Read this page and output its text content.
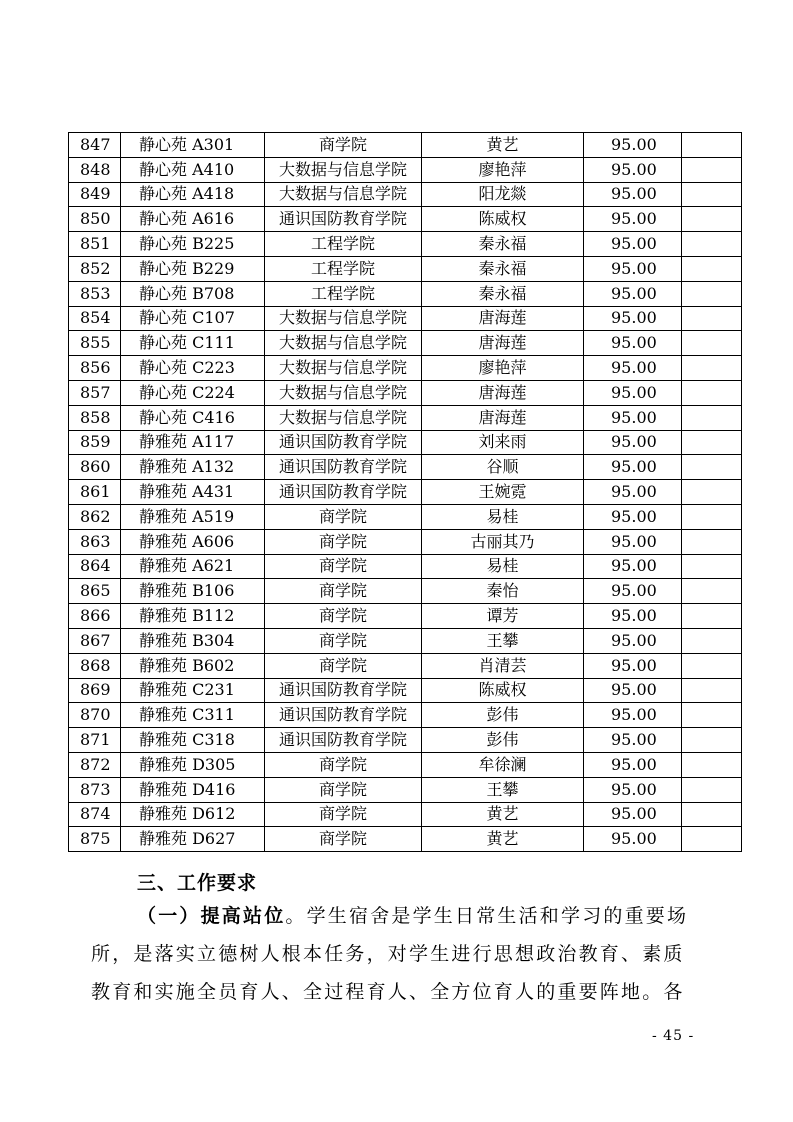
847	静心苑 A301	商学院	黄艺	95.00	
848	静心苑 A410	大数据与信息学院	廖艳萍	95.00	
849	静心苑 A418	大数据与信息学院	阳龙燚	95.00	
850	静心苑 A616	通识国防教育学院	陈威权	95.00	
851	静心苑 B225	工程学院	秦永福	95.00	
852	静心苑 B229	工程学院	秦永福	95.00	
853	静心苑 B708	工程学院	秦永福	95.00	
854	静心苑 C107	大数据与信息学院	唐海莲	95.00	
855	静心苑 C111	大数据与信息学院	唐海莲	95.00	
856	静心苑 C223	大数据与信息学院	廖艳萍	95.00	
857	静心苑 C224	大数据与信息学院	唐海莲	95.00	
858	静心苑 C416	大数据与信息学院	唐海莲	95.00	
859	静雅苑 A117	通识国防教育学院	刘来雨	95.00	
860	静雅苑 A132	通识国防教育学院	谷顺	95.00	
861	静雅苑 A431	通识国防教育学院	王婉霓	95.00	
862	静雅苑 A519	商学院	易桂	95.00	
863	静雅苑 A606	商学院	古丽其乃	95.00	
864	静雅苑 A621	商学院	易桂	95.00	
865	静雅苑 B106	商学院	秦怡	95.00	
866	静雅苑 B112	商学院	谭芳	95.00	
867	静雅苑 B304	商学院	王攀	95.00	
868	静雅苑 B602	商学院	肖清芸	95.00	
869	静雅苑 C231	通识国防教育学院	陈威权	95.00	
870	静雅苑 C311	通识国防教育学院	彭伟	95.00	
871	静雅苑 C318	通识国防教育学院	彭伟	95.00	
872	静雅苑 D305	商学院	牟徐澜	95.00	
873	静雅苑 D416	商学院	王攀	95.00	
874	静雅苑 D612	商学院	黄艺	95.00	
875	静雅苑 D627	商学院	黄艺	95.00	
三、工作要求
（一）提高站位。学生宿舍是学生日常生活和学习的重要场
所，是落实立德树人根本任务，对学生进行思想政治教育、素质
教育和实施全员育人、全过程育人、全方位育人的重要阵地。各
- 45 -
